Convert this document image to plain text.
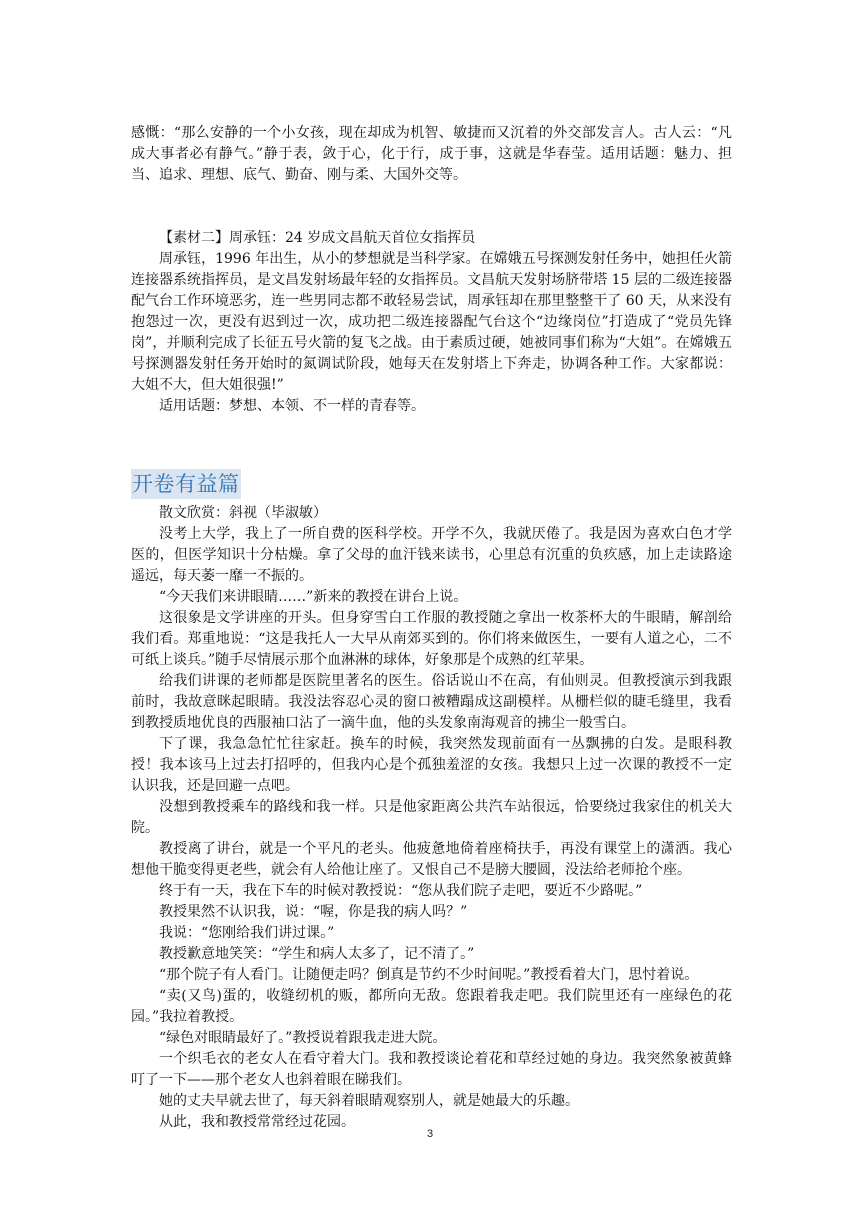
感慨：“那么安静的一个小女孩，现在却成为机智、敏捷而又沉着的外交部发言人。古人云：“凡成大事者必有静气。”静于表，敛于心，化于行，成于事，这就是华春莹。适用话题：魅力、担当、追求、理想、底气、勤奋、刚与柔、大国外交等。

【素材二】周承钰：24 岁成文昌航天首位女指挥员

周承钰，1996 年出生，从小的梦想就是当科学家。在嫦娥五号探测发射任务中，她担任火箭连接器系统指挥员，是文昌发射场最年轻的女指挥员。文昌航天发射场脐带塔 15 层的二级连接器配气台工作环境恶劣，连一些男同志都不敢轻易尝试，周承钰却在那里整整干了 60 天，从来没有抱怨过一次，更没有迟到过一次，成功把二级连接器配气台这个“边缘岗位”打造成了“党员先锋岗”，并顺利完成了长征五号火箭的复飞之战。由于素质过硬，她被同事们称为“大姐”。在嫦娥五号探测器发射任务开始时的氮调试阶段，她每天在发射塔上下奔走，协调各种工作。大家都说：大姐不大，但大姐很强!”

适用话题：梦想、本领、不一样的青春等。

开卷有益篇

散文欣赏：斜视（毕淑敏）

没考上大学，我上了一所自费的医科学校。开学不久，我就厌倦了。我是因为喜欢白色才学医的，但医学知识十分枯燥。拿了父母的血汗钱来读书，心里总有沉重的负疚感，加上走读路途遥远，每天萎一靡一不振的。

“今天我们来讲眼睛……”新来的教授在讲台上说。

这很象是文学讲座的开头。但身穿雪白工作服的教授随之拿出一枚茶杯大的牛眼睛，解剖给我们看。郑重地说：“这是我托人一大早从南郊买到的。你们将来做医生，一要有人道之心，二不可纸上谈兵。”随手尽情展示那个血淋淋的球体，好象那是个成熟的红苹果。

给我们讲课的老师都是医院里著名的医生。俗话说山不在高，有仙则灵。但教授演示到我跟前时，我故意眯起眼睛。我没法容忍心灵的窗口被糟蹋成这副模样。从栅栏似的睫毛缝里，我看到教授质地优良的西服袖口沾了一滴牛血，他的头发象南海观音的拂尘一般雪白。

下了课，我急急忙忙往家赶。换车的时候，我突然发现前面有一丛飘拂的白发。是眼科教授！我本该马上过去打招呼的，但我内心是个孤独羞涩的女孩。我想只上过一次课的教授不一定认识我，还是回避一点吧。

没想到教授乘车的路线和我一样。只是他家距离公共汽车站很远，恰要绕过我家住的机关大院。

教授离了讲台，就是一个平凡的老头。他疲惫地倚着座椅扶手，再没有课堂上的潇洒。我心想他干脆变得更老些，就会有人给他让座了。又恨自己不是膀大腰圆，没法给老师抢个座。

终于有一天，我在下车的时候对教授说：“您从我们院子走吧，要近不少路呢。”

教授果然不认识我，说：“喔，你是我的病人吗？”

我说：“您刚给我们讲过课。”

教授歉意地笑笑：“学生和病人太多了，记不清了。”

“那个院子有人看门。让随便走吗？倒真是节约不少时间呢。”教授看着大门，思忖着说。

“卖(又鸟)蛋的，收缝纫机的贩，都所向无敌。您跟着我走吧。我们院里还有一座绿色的花园。”我拉着教授。

“绿色对眼睛最好了。”教授说着跟我走进大院。

一个织毛衣的老女人在看守着大门。我和教授谈论着花和草经过她的身边。我突然象被黄蜂叮了一下——那个老女人也斜着眼在睇我们。

她的丈夫早就去世了，每天斜着眼睛观察别人，就是她最大的乐趣。

从此，我和教授常常经过花园。

3
